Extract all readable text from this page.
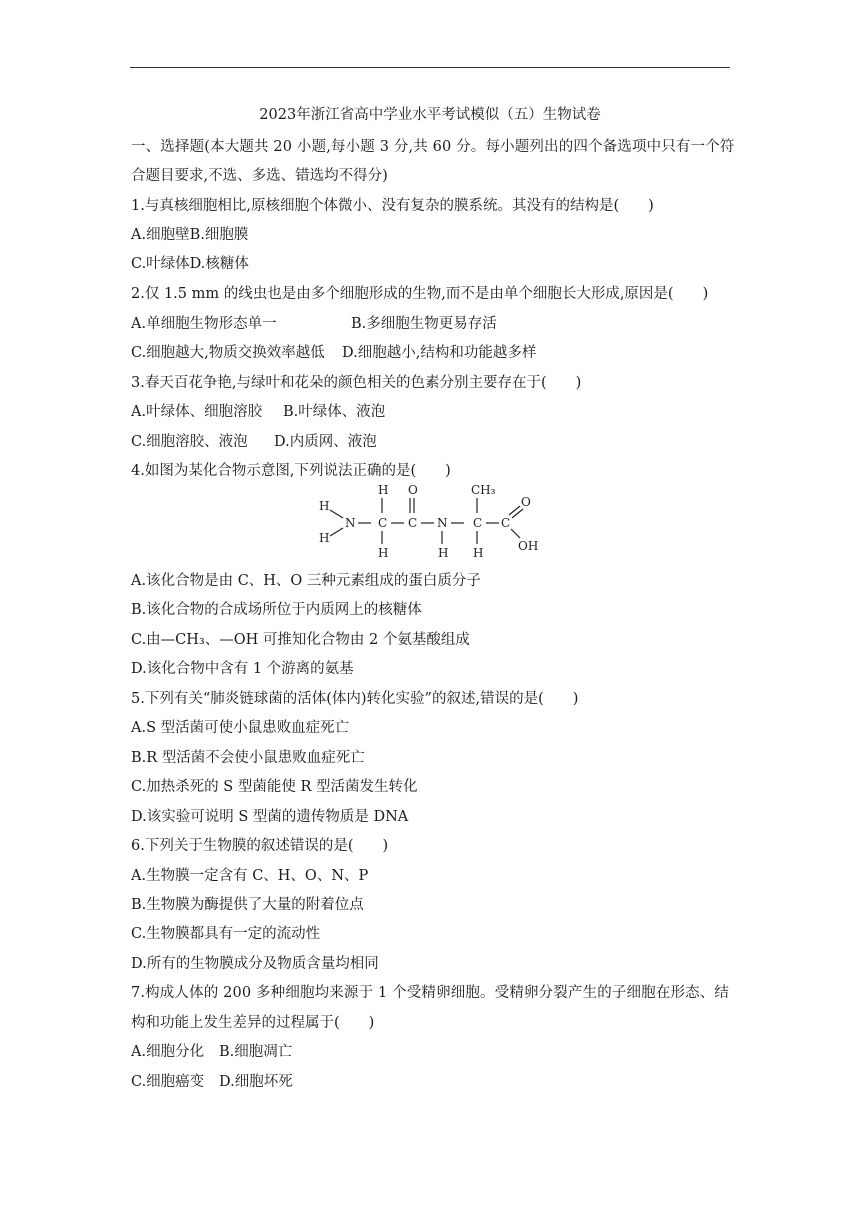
2023年浙江省高中学业水平考试模似（五）生物试卷
一、选择题(本大题共 20 小题,每小题 3 分,共 60 分。每小题列出的四个备选项中只有一个符
合题目要求,不选、多选、错选均不得分)
1.与真核细胞相比,原核细胞个体微小、没有复杂的膜系统。其没有的结构是(　　)
A.细胞壁B.细胞膜
C.叶绿体D.核糖体
2.仅 1.5 mm 的线虫也是由多个细胞形成的生物,而不是由单个细胞长大形成,原因是(　　)
A.单细胞生物形态单一	B.多细胞生物更易存活
C.细胞越大,物质交换效率越低 D.细胞越小,结构和功能越多样
3.春天百花争艳,与绿叶和花朵的颜色相关的色素分别主要存在于(　　)
A.叶绿体、细胞溶胶 B.叶绿体、液泡
C.细胞溶胶、液泡 D.内质网、液泡
4.如图为某化合物示意图,下列说法正确的是(　　)
H
H
N
H
C
H
O
C N
H
CH₃
C
H
C
O
OH
A.该化合物是由 C、H、O 三种元素组成的蛋白质分子
B.该化合物的合成场所位于内质网上的核糖体
C.由—CH₃、—OH 可推知化合物由 2 个氨基酸组成
D.该化合物中含有 1 个游离的氨基
5.下列有关“肺炎链球菌的活体(体内)转化实验”的叙述,错误的是(　　)
A.S 型活菌可使小鼠患败血症死亡
B.R 型活菌不会使小鼠患败血症死亡
C.加热杀死的 S 型菌能使 R 型活菌发生转化
D.该实验可说明 S 型菌的遗传物质是 DNA
6.下列关于生物膜的叙述错误的是(　　)
A.生物膜一定含有 C、H、O、N、P
B.生物膜为酶提供了大量的附着位点
C.生物膜都具有一定的流动性
D.所有的生物膜成分及物质含量均相同
7.构成人体的 200 多种细胞均来源于 1 个受精卵细胞。受精卵分裂产生的子细胞在形态、结
构和功能上发生差异的过程属于(　　)
A.细胞分化 B.细胞凋亡
C.细胞癌变 D.细胞坏死
